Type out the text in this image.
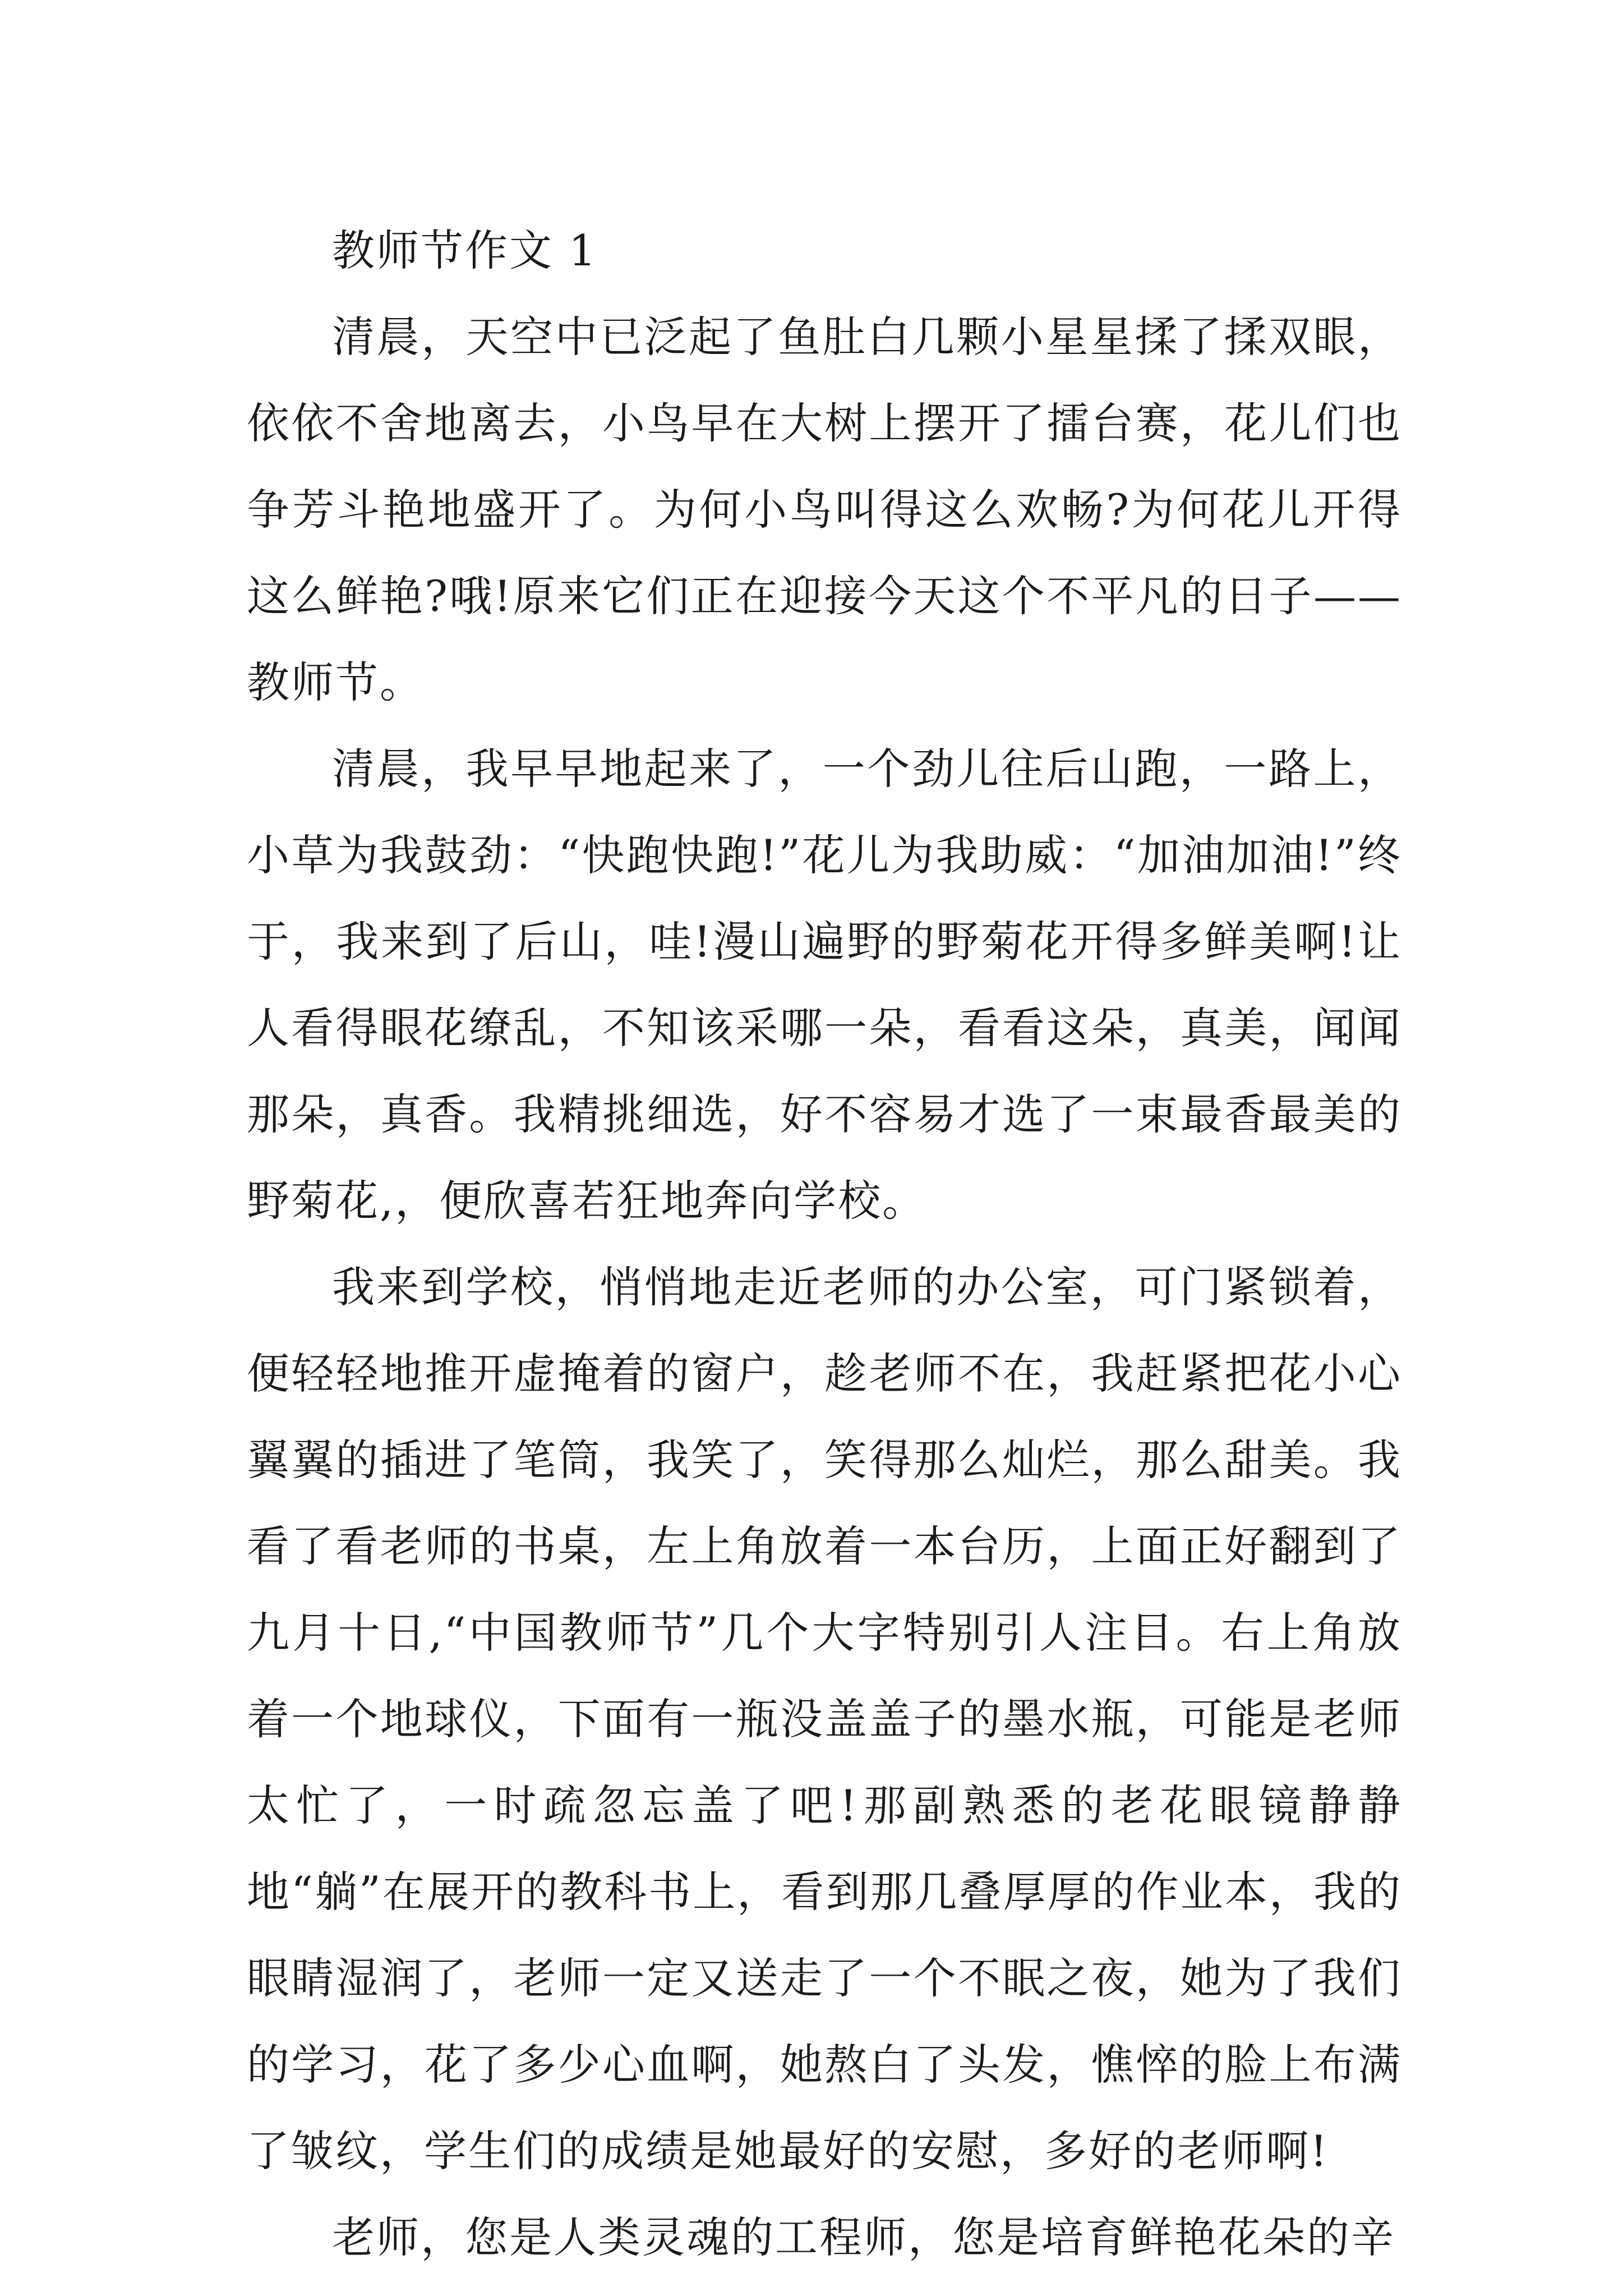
教师节作文 1

清晨，天空中已泛起了鱼肚白几颗小星星揉了揉双眼，依依不舍地离去，小鸟早在大树上摆开了擂台赛，花儿们也争芳斗艳地盛开了。为何小鸟叫得这么欢畅?为何花儿开得这么鲜艳?哦!原来它们正在迎接今天这个不平凡的日子——教师节。

清晨，我早早地起来了，一个劲儿往后山跑，一路上，小草为我鼓劲：“快跑快跑!”花儿为我助威：“加油加油!”终于，我来到了后山，哇!漫山遍野的野菊花开得多鲜美啊!让人看得眼花缭乱，不知该采哪一朵，看看这朵，真美，闻闻那朵，真香。我精挑细选，好不容易才选了一束最香最美的野菊花,，便欣喜若狂地奔向学校。

我来到学校，悄悄地走近老师的办公室，可门紧锁着，便轻轻地推开虚掩着的窗户，趁老师不在，我赶紧把花小心翼翼的插进了笔筒，我笑了，笑得那么灿烂，那么甜美。我看了看老师的书桌，左上角放着一本台历，上面正好翻到了九月十日,“中国教师节”几个大字特别引人注目。右上角放着一个地球仪，下面有一瓶没盖盖子的墨水瓶，可能是老师太忙了，一时疏忽忘盖了吧!那副熟悉的老花眼镜静静地“躺”在展开的教科书上，看到那几叠厚厚的作业本，我的眼睛湿润了，老师一定又送走了一个不眠之夜，她为了我们的学习，花了多少心血啊，她熬白了头发，憔悴的脸上布满了皱纹，学生们的成绩是她最好的安慰，多好的老师啊!

老师，您是人类灵魂的工程师，您是培育鲜艳花朵的辛
